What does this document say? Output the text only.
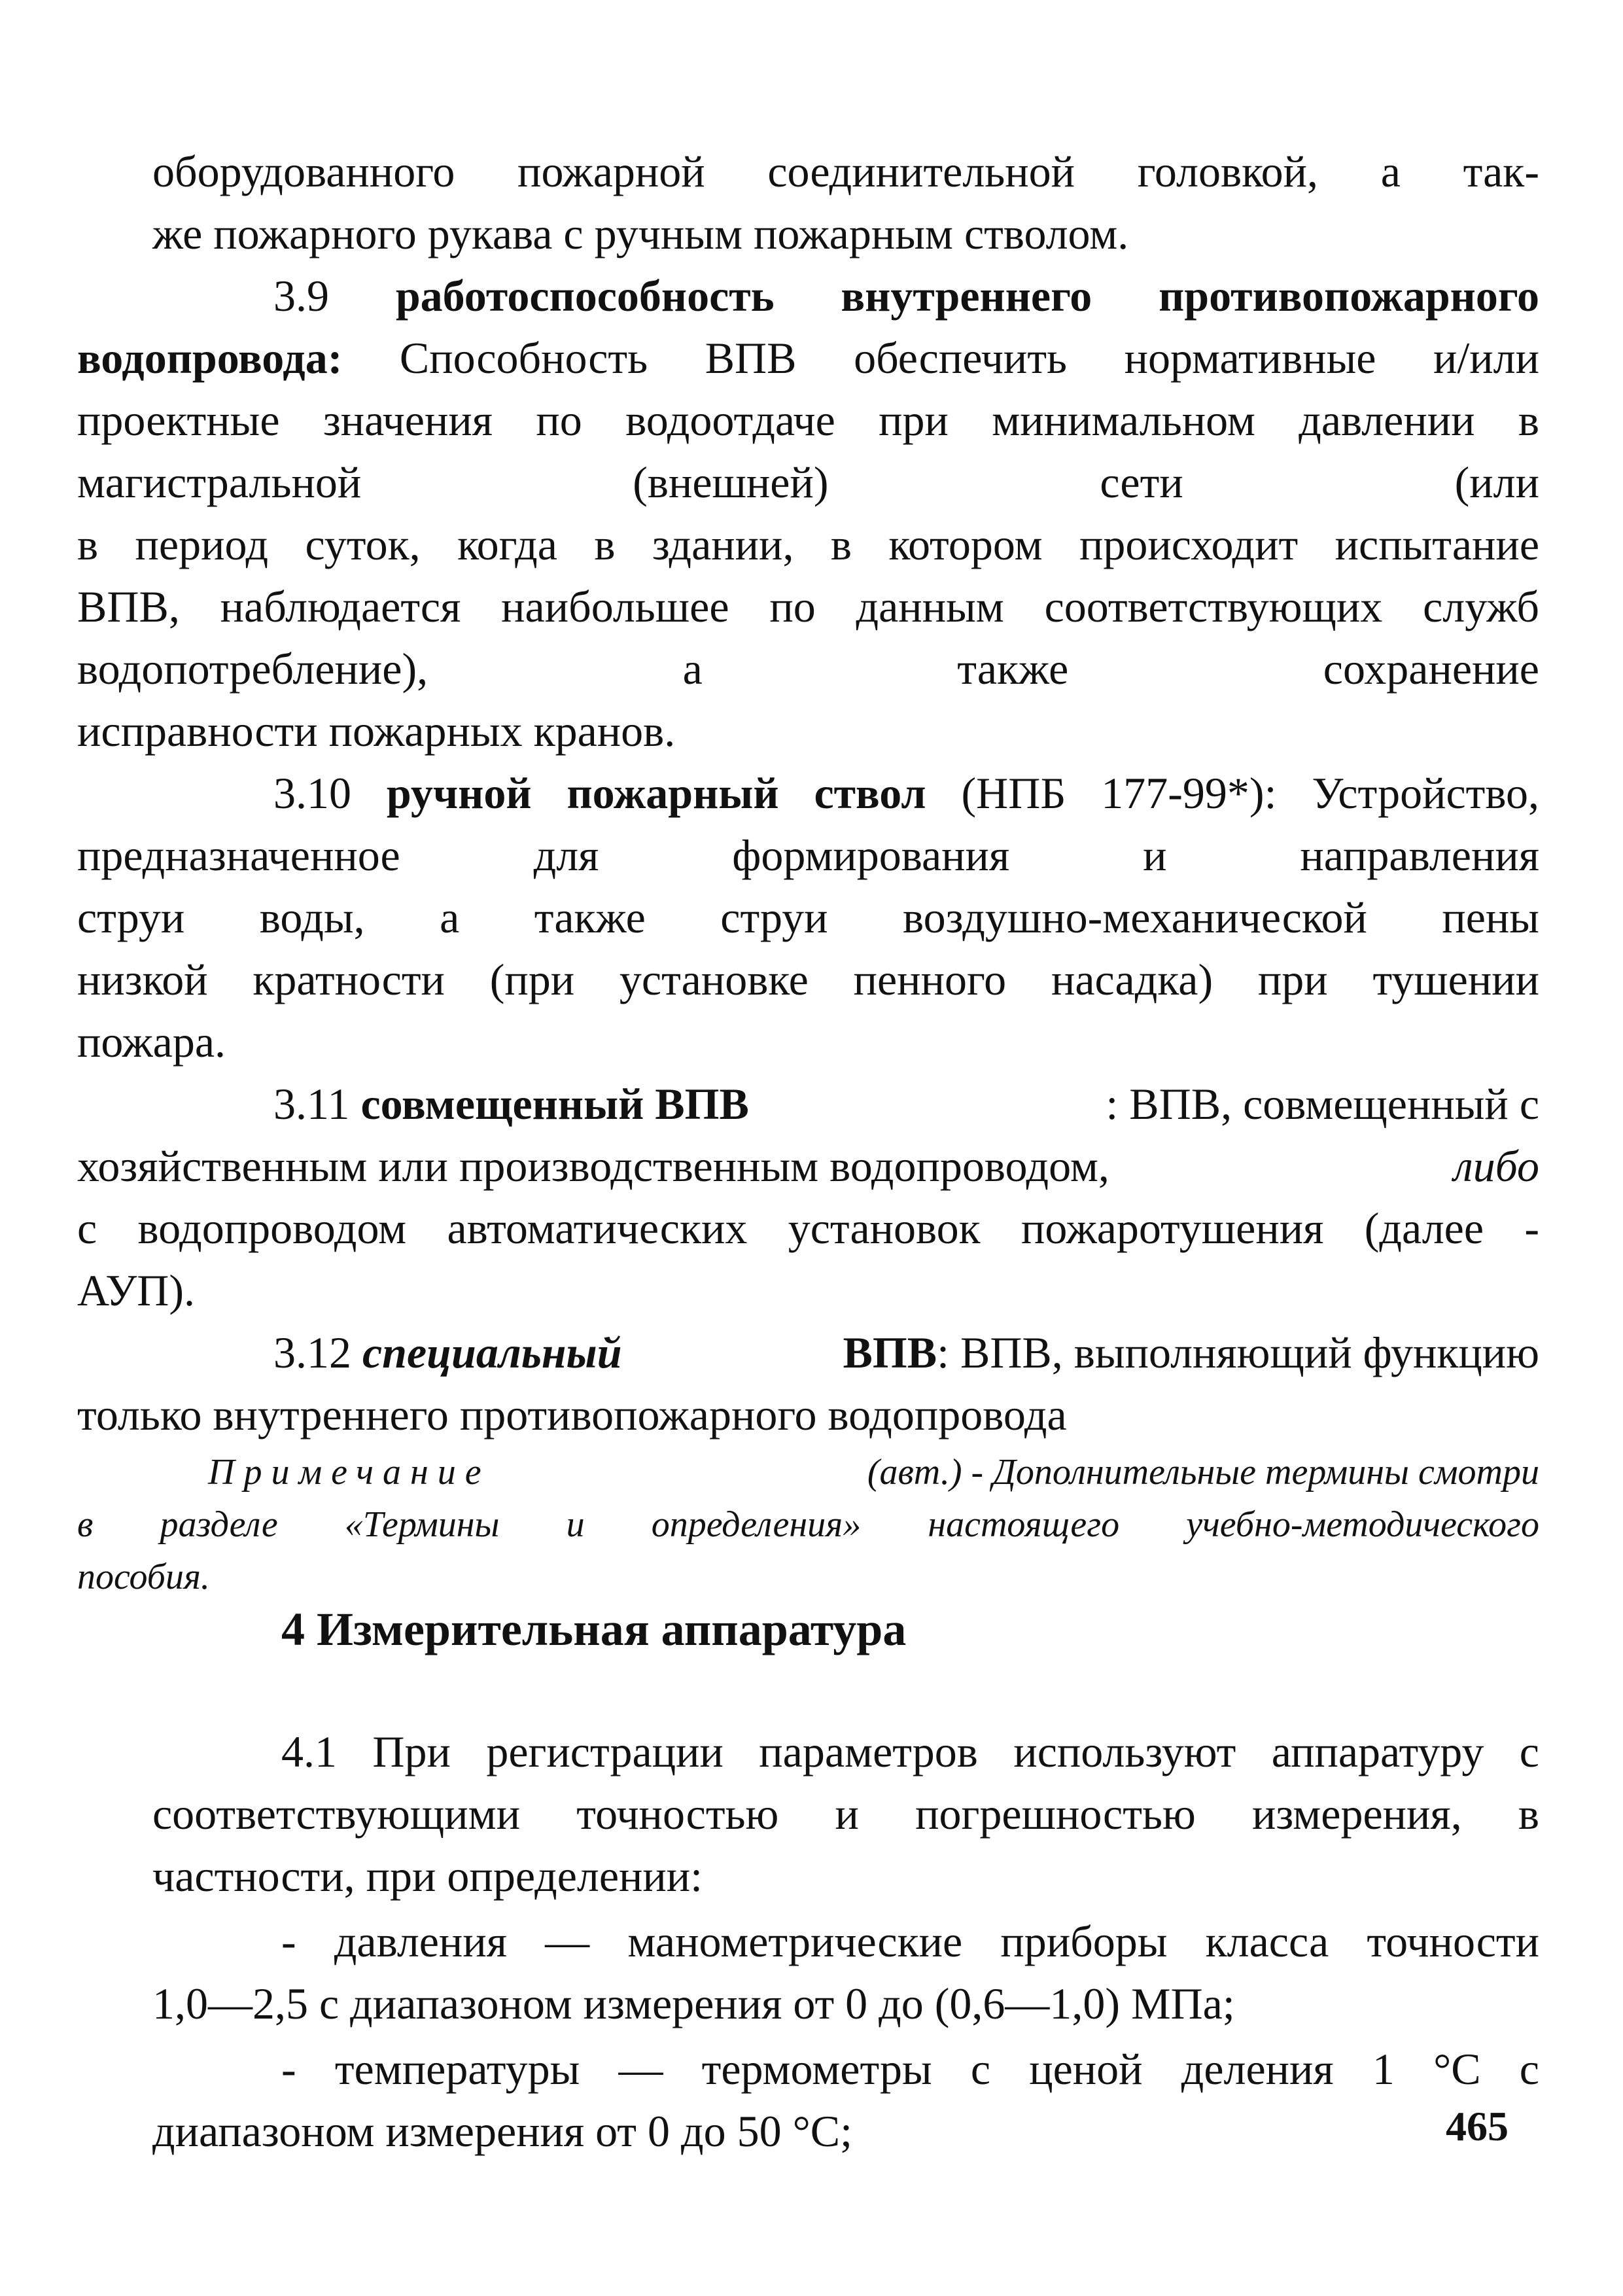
оборудованного пожарной соединительной головкой, а так-

же пожарного рукава с ручным пожарным стволом.

3.9 работоспособность внутреннего противопожарного

водопровода: Способность ВПВ обеспечить нормативные и/или

проектные значения по водоотдаче при минимальном давлении в

магистральной (внешней) сети (или

в период суток, когда в здании, в котором происходит испытание

ВПВ, наблюдается наибольшее по данным соответствующих служб

водопотребление), а также сохранение

исправности пожарных кранов.

3.10 ручной пожарный ствол (НПБ 177-99*): Устройство,

предназначенное для формирования и направления

струи воды, а также струи воздушно-механической пены

низкой кратности (при установке пенного насадка) при тушении

пожара.

3.11 совмещенный ВПВ	: ВПВ, совмещенный с

хозяйственным или производственным водопроводом,	либо

с водопроводом автоматических установок пожаротушения (далее -

АУП).

3.12 специальный	ВПВ: ВПВ, выполняющий функцию

только внутреннего противопожарного водопровода

Примечание	(авт.) - Дополнительные термины смотри

в разделе «Термины и определения» настоящего учебно-методического

пособия.

4 Измерительная аппаратура

4.1 При регистрации параметров используют аппаратуру с

соответствующими точностью и погрешностью измерения, в

частности, при определении:

- давления — манометрические приборы класса точности

1,0—2,5 с диапазоном измерения от 0 до (0,6—1,0) МПа;

- температуры — термометры с ценой деления 1 °С с

диапазоном измерения от 0 до 50 °С;	465
